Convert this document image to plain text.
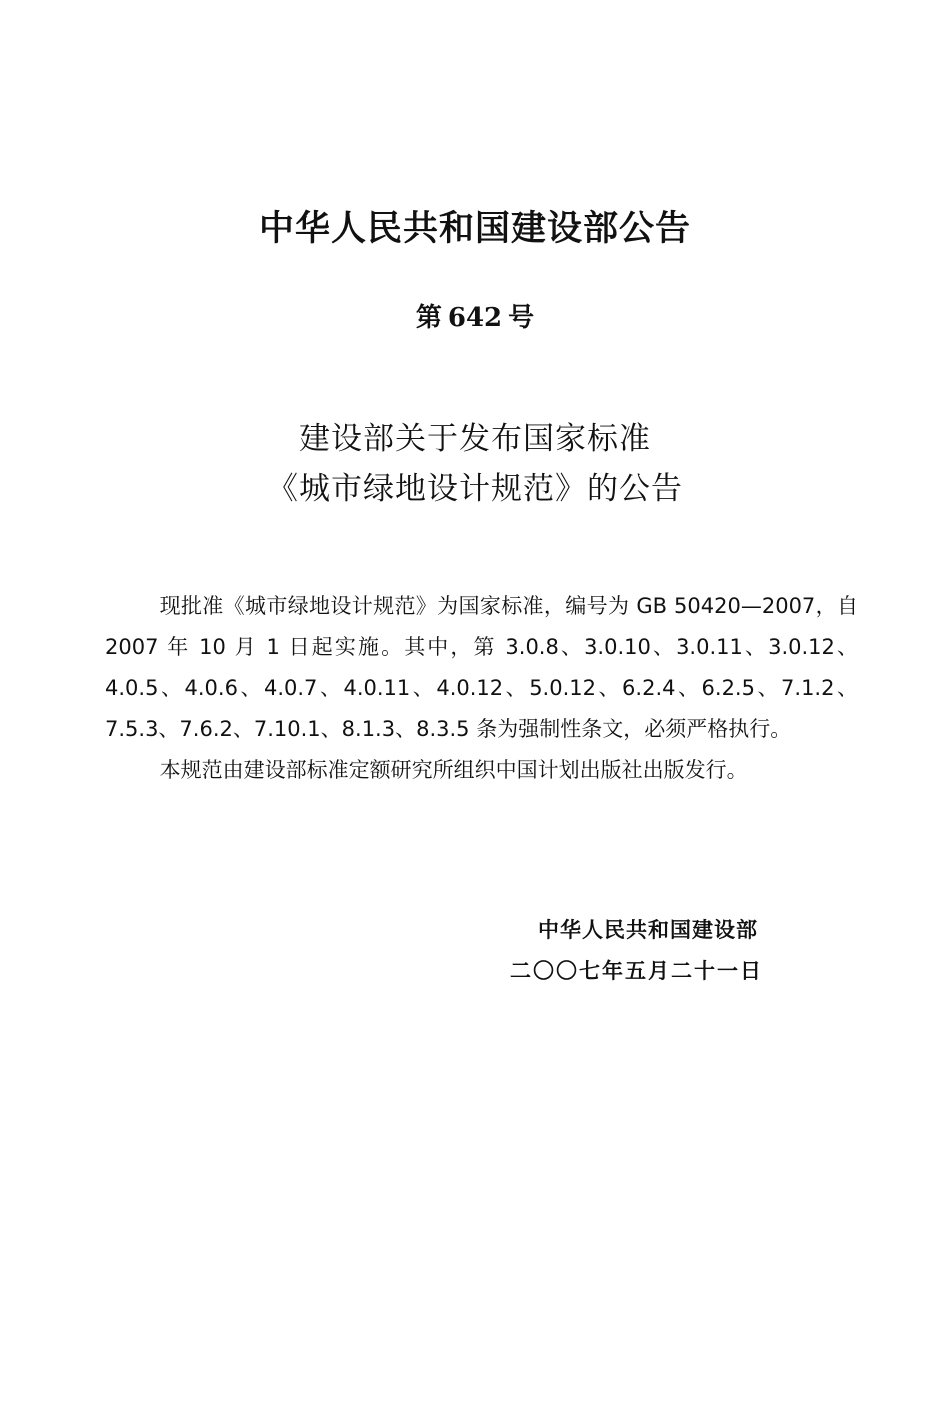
中华人民共和国建设部公告
第 642 号
建设部关于发布国家标准
《城市绿地设计规范》的公告

现批准《城市绿地设计规范》为国家标准，编号为 GB 50420—2007，自 2007 年 10 月 1 日起实施。其中，第 3.0.8、3.0.10、3.0.11、3.0.12、4.0.5、4.0.6、4.0.7、4.0.11、4.0.12、5.0.12、6.2.4、6.2.5、7.1.2、7.5.3、7.6.2、7.10.1、8.1.3、8.3.5 条为强制性条文，必须严格执行。

本规范由建设部标准定额研究所组织中国计划出版社出版发行。

中华人民共和国建设部
二〇〇七年五月二十一日
